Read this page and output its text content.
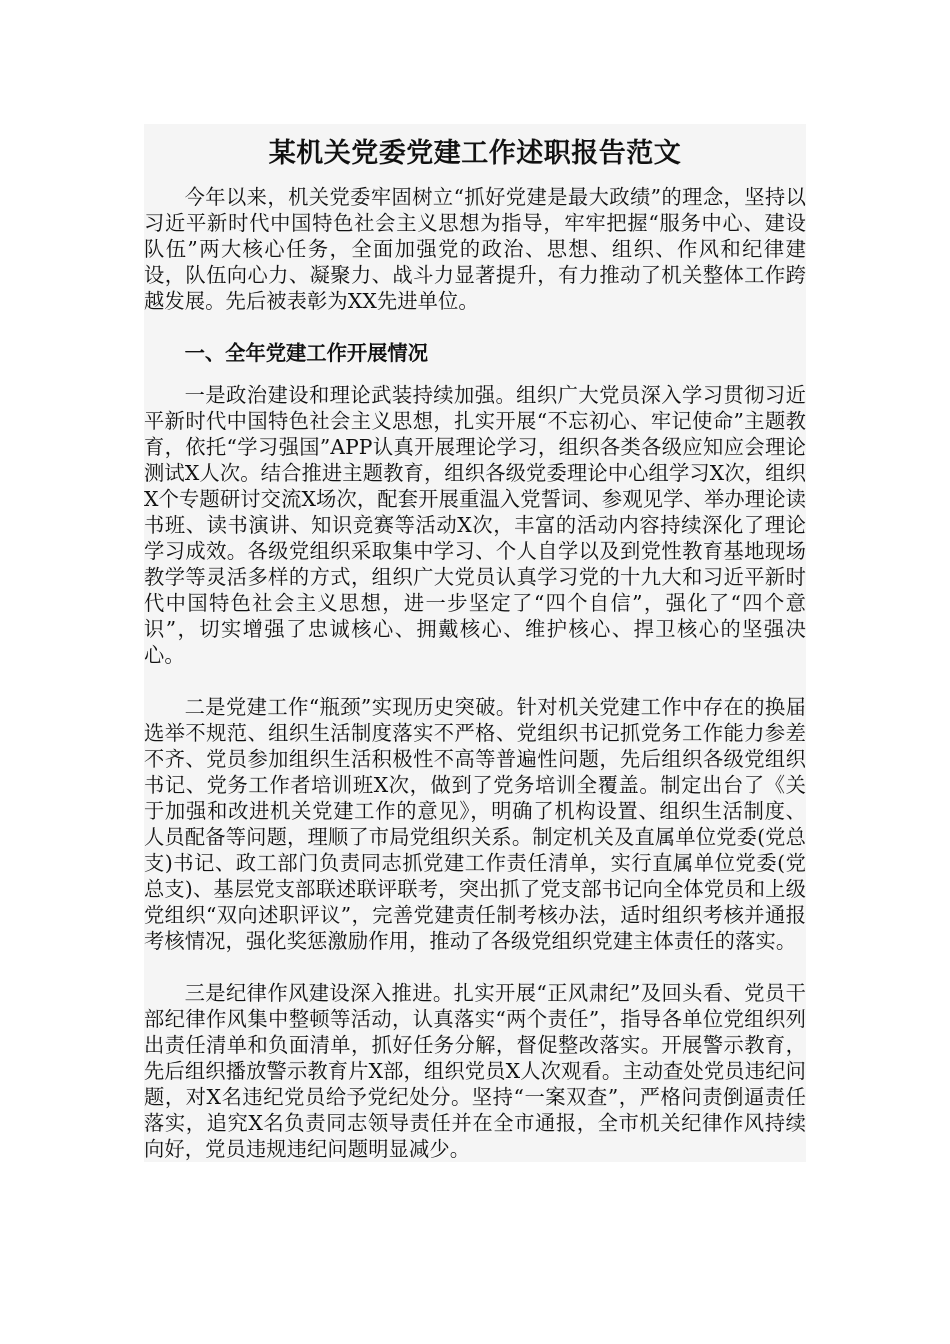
某机关党委党建工作述职报告范文

今年以来，机关党委牢固树立“抓好党建是最大政绩”的理念，坚持以习近平新时代中国特色社会主义思想为指导，牢牢把握“服务中心、建设队伍”两大核心任务，全面加强党的政治、思想、组织、作风和纪律建设，队伍向心力、凝聚力、战斗力显著提升，有力推动了机关整体工作跨越发展。先后被表彰为XX先进单位。

一、全年党建工作开展情况

一是政治建设和理论武装持续加强。组织广大党员深入学习贯彻习近平新时代中国特色社会主义思想，扎实开展“不忘初心、牢记使命”主题教育，依托“学习强国”APP认真开展理论学习，组织各类各级应知应会理论测试X人次。结合推进主题教育，组织各级党委理论中心组学习X次，组织X个专题研讨交流X场次，配套开展重温入党誓词、参观见学、举办理论读书班、读书演讲、知识竞赛等活动X次，丰富的活动内容持续深化了理论学习成效。各级党组织采取集中学习、个人自学以及到党性教育基地现场教学等灵活多样的方式，组织广大党员认真学习党的十九大和习近平新时代中国特色社会主义思想，进一步坚定了“四个自信”，强化了“四个意识”，切实增强了忠诚核心、拥戴核心、维护核心、捍卫核心的坚强决心。

二是党建工作“瓶颈”实现历史突破。针对机关党建工作中存在的换届选举不规范、组织生活制度落实不严格、党组织书记抓党务工作能力参差不齐、党员参加组织生活积极性不高等普遍性问题，先后组织各级党组织书记、党务工作者培训班X次，做到了党务培训全覆盖。制定出台了《关于加强和改进机关党建工作的意见》，明确了机构设置、组织生活制度、人员配备等问题，理顺了市局党组织关系。制定机关及直属单位党委(党总支)书记、政工部门负责同志抓党建工作责任清单，实行直属单位党委(党总支)、基层党支部联述联评联考，突出抓了党支部书记向全体党员和上级党组织“双向述职评议”，完善党建责任制考核办法，适时组织考核并通报考核情况，强化奖惩激励作用，推动了各级党组织党建主体责任的落实。

三是纪律作风建设深入推进。扎实开展“正风肃纪”及回头看、党员干部纪律作风集中整顿等活动，认真落实“两个责任”，指导各单位党组织列出责任清单和负面清单，抓好任务分解，督促整改落实。开展警示教育，先后组织播放警示教育片X部，组织党员X人次观看。主动查处党员违纪问题，对X名违纪党员给予党纪处分。坚持“一案双查”，严格问责倒逼责任落实，追究X名负责同志领导责任并在全市通报，全市机关纪律作风持续向好，党员违规违纪问题明显减少。
